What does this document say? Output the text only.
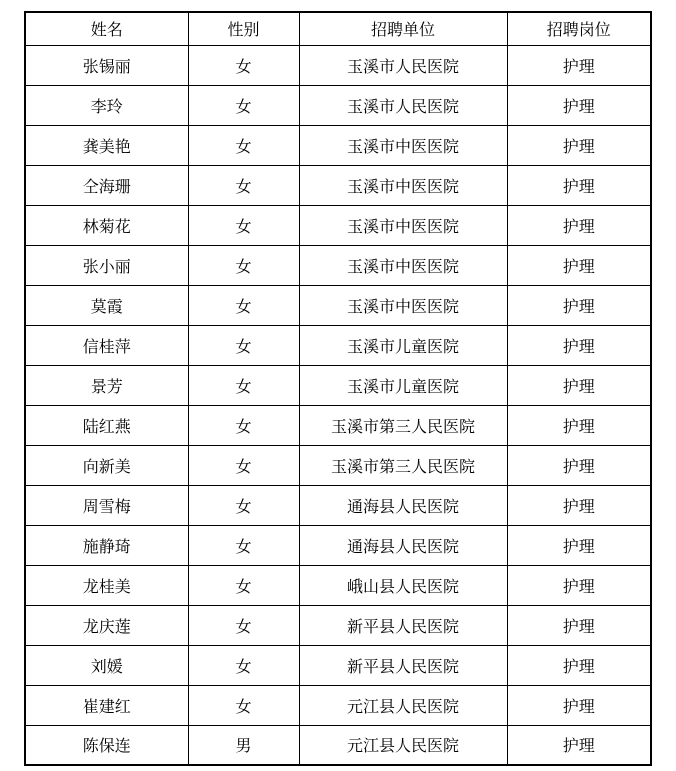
姓名	性别	招聘单位	招聘岗位
张锡丽	女	玉溪市人民医院	护理
李玲	女	玉溪市人民医院	护理
龚美艳	女	玉溪市中医医院	护理
仝海珊	女	玉溪市中医医院	护理
林菊花	女	玉溪市中医医院	护理
张小丽	女	玉溪市中医医院	护理
莫霞	女	玉溪市中医医院	护理
信桂萍	女	玉溪市儿童医院	护理
景芳	女	玉溪市儿童医院	护理
陆红燕	女	玉溪市第三人民医院	护理
向新美	女	玉溪市第三人民医院	护理
周雪梅	女	通海县人民医院	护理
施静琦	女	通海县人民医院	护理
龙桂美	女	峨山县人民医院	护理
龙庆莲	女	新平县人民医院	护理
刘媛	女	新平县人民医院	护理
崔建红	女	元江县人民医院	护理
陈保连	男	元江县人民医院	护理
